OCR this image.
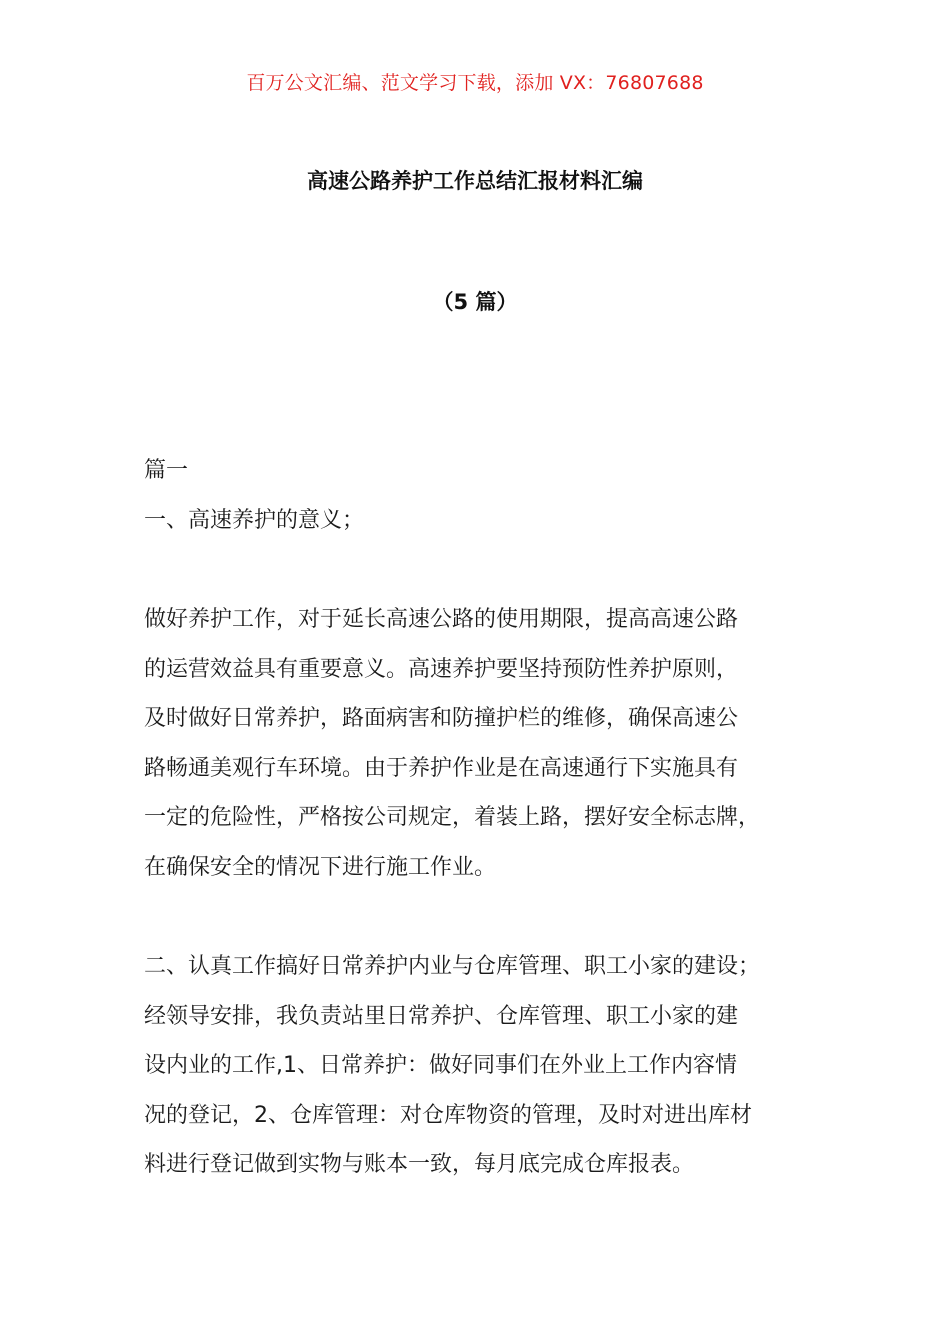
百万公文汇编、范文学习下载，添加 VX：76807688
高速公路养护工作总结汇报材料汇编
（5 篇）
篇一
一、高速养护的意义；
做好养护工作，对于延长高速公路的使用期限，提高高速公路
的运营效益具有重要意义。高速养护要坚持预防性养护原则，
及时做好日常养护，路面病害和防撞护栏的维修，确保高速公
路畅通美观行车环境。由于养护作业是在高速通行下实施具有
一定的危险性，严格按公司规定，着装上路，摆好安全标志牌，
在确保安全的情况下进行施工作业。
二、认真工作搞好日常养护内业与仓库管理、职工小家的建设；
经领导安排，我负责站里日常养护、仓库管理、职工小家的建
设内业的工作,1、日常养护：做好同事们在外业上工作内容情
况的登记，2、仓库管理：对仓库物资的管理，及时对进出库材
料进行登记做到实物与账本一致，每月底完成仓库报表。
